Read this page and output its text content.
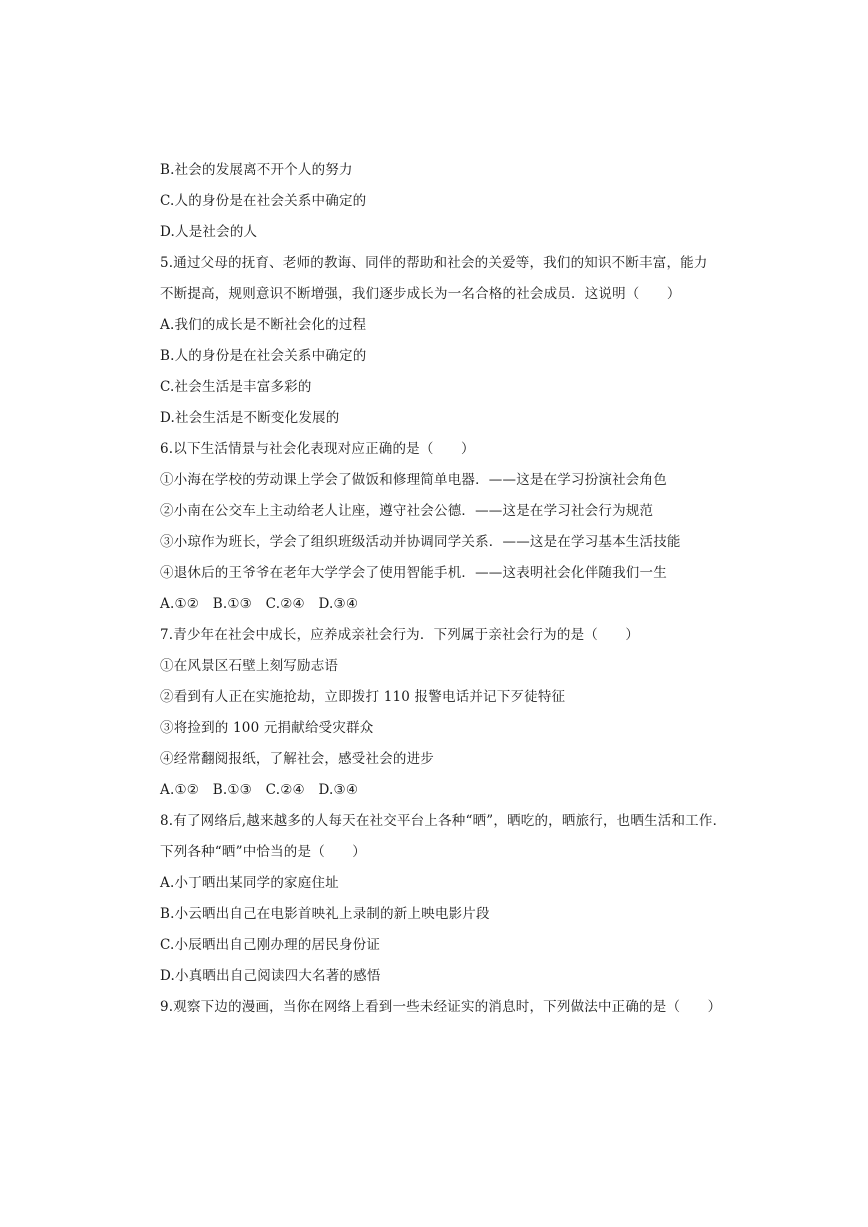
B.社会的发展离不开个人的努力
C.人的身份是在社会关系中确定的
D.人是社会的人
5.通过父母的抚育、老师的教诲、同伴的帮助和社会的关爱等，我们的知识不断丰富，能力
不断提高，规则意识不断增强，我们逐步成长为一名合格的社会成员．这说明（　　）
A.我们的成长是不断社会化的过程
B.人的身份是在社会关系中确定的
C.社会生活是丰富多彩的
D.社会生活是不断变化发展的
6.以下生活情景与社会化表现对应正确的是（　　）
①小海在学校的劳动课上学会了做饭和修理简单电器．——这是在学习扮演社会角色
②小南在公交车上主动给老人让座，遵守社会公德．——这是在学习社会行为规范
③小琼作为班长，学会了组织班级活动并协调同学关系．——这是在学习基本生活技能
④退休后的王爷爷在老年大学学会了使用智能手机．——这表明社会化伴随我们一生
A.①②　B.①③　C.②④　D.③④
7.青少年在社会中成长，应养成亲社会行为．下列属于亲社会行为的是（　　）
①在风景区石壁上刻写励志语
②看到有人正在实施抢劫，立即拨打 110 报警电话并记下歹徒特征
③将捡到的 100 元捐献给受灾群众
④经常翻阅报纸，了解社会，感受社会的进步
A.①②　B.①③　C.②④　D.③④
8.有了网络后,越来越多的人每天在社交平台上各种“晒”，晒吃的，晒旅行，也晒生活和工作．
下列各种“晒”中恰当的是（　　）
A.小丁晒出某同学的家庭住址
B.小云晒出自己在电影首映礼上录制的新上映电影片段
C.小辰晒出自己刚办理的居民身份证
D.小真晒出自己阅读四大名著的感悟
9.观察下边的漫画，当你在网络上看到一些未经证实的消息时，下列做法中正确的是（　　）
